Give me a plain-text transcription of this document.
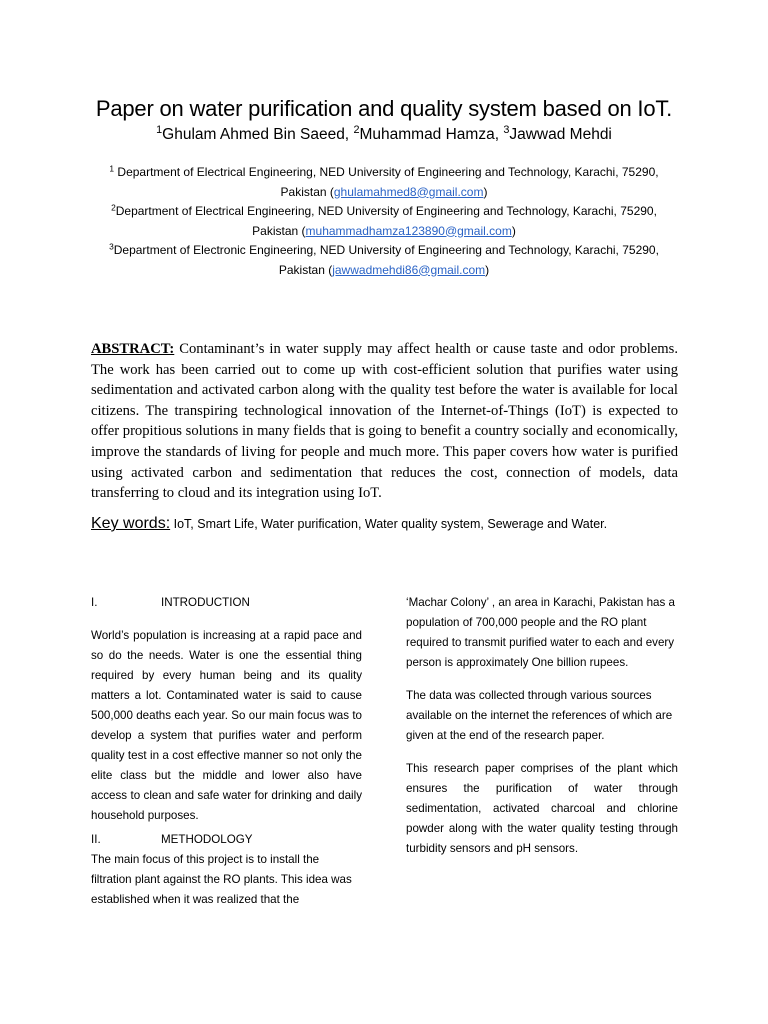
Paper on water purification and quality system based on IoT.
$^1$Ghulam Ahmed Bin Saeed, $^2$Muhammad Hamza, $^3$Jawwad Mehdi

$^1$ Department of Electrical Engineering, NED University of Engineering and Technology, Karachi, 75290, Pakistan (ghulamahmed8@gmail.com)

$^2$Department of Electrical Engineering, NED University of Engineering and Technology, Karachi, 75290, Pakistan (muhammadhamza123890@gmail.com)

$^3$Department of Electronic Engineering, NED University of Engineering and Technology, Karachi, 75290, Pakistan (jawwadmehdi86@gmail.com)

ABSTRACT: Contaminant’s in water supply may affect health or cause taste and odor problems. The work has been carried out to come up with cost-efficient solution that purifies water using sedimentation and activated carbon along with the quality test before the water is available for local citizens. The transpiring technological innovation of the Internet-of-Things (IoT) is expected to offer propitious solutions in many fields that is going to benefit a country socially and economically, improve the standards of living for people and much more. This paper covers how water is purified using activated carbon and sedimentation that reduces the cost, connection of models, data transferring to cloud and its integration using IoT.

Key words: IoT, Smart Life, Water purification, Water quality system, Sewerage and Water.
I.	INTRODUCTION

World’s population is increasing at a rapid pace and so do the needs. Water is one the essential thing required by every human being and its quality matters a lot. Contaminated water is said to cause 500,000 deaths each year. So our main focus was to develop a system that purifies water and perform quality test in a cost effective manner so not only the elite class but the middle and lower also have access to clean and safe water for drinking and daily household purposes.

II.	METHODOLOGY

The main focus of this project is to install the filtration plant against the RO plants. This idea was established when it was realized that the

‘Machar Colony’ , an area in Karachi, Pakistan has a population of 700,000 people and the RO plant required to transmit purified water to each and every person is approximately One billion rupees.

The data was collected through various sources available on the internet the references of which are given at the end of the research paper.

This research paper comprises of the plant which ensures the purification of water through sedimentation, activated charcoal and chlorine powder along with the water quality testing through turbidity sensors and pH sensors.
